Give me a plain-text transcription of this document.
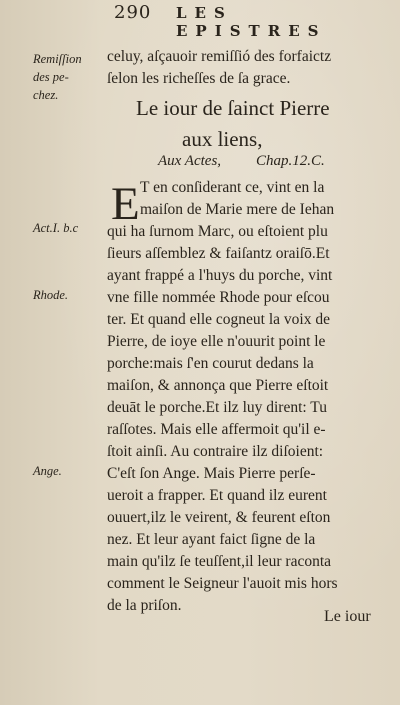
290 LES EPISTRES
Remiſſion
des pe-
chez.
Act.I. b.c
Rhode.
Ange.
celuy, aſçauoir remiſſió des forfaictz
ſelon les richeſſes de ſa grace.
Le iour de ſainct Pierre
aux liens,
Aux Actes, Chap.12.C.
E T en conſiderant ce, vint en la
maiſon de Marie mere de Iehan
qui ha ſurnom Marc, ou eſtoient plu
ſieurs aſſemblez & faiſantz oraiſō.Et
ayant frappé a l'huys du porche, vint
vne fille nommée Rhode pour eſcou
ter. Et quand elle cogneut la voix de
Pierre, de ioye elle n'ouurit point le
porche:mais ſ'en courut dedans la
maiſon, & annonça que Pierre eſtoit
deuāt le porche.Et ilz luy dirent: Tu
raſſotes. Mais elle affermoit qu'il e-
ſtoit ainſi. Au contraire ilz diſoient:
C'eſt ſon Ange. Mais Pierre perſe-
ueroit a frapper. Et quand ilz eurent
ouuert,ilz le veirent, & feurent eſton
nez. Et leur ayant faict ſigne de la
main qu'ilz ſe teuſſent,il leur raconta
comment le Seigneur l'auoit mis hors
de la priſon.
Le iour
